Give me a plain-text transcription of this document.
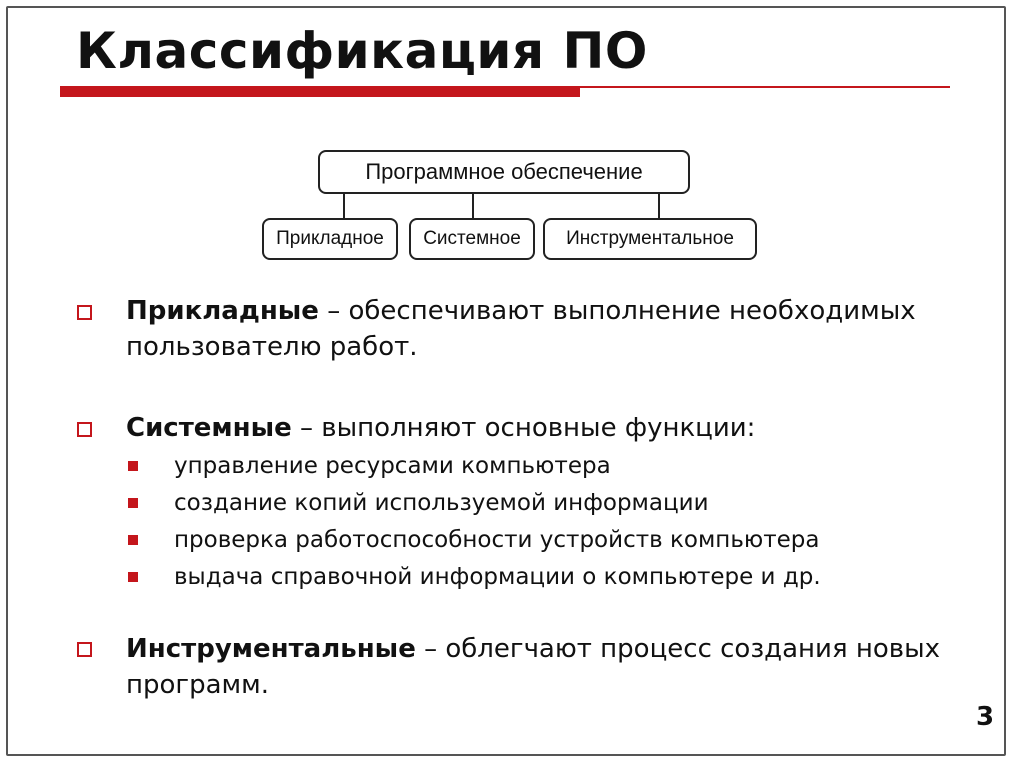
Классификация ПО
Программное обеспечение
Прикладное	Системное	Инструментальное
Прикладные – обеспечивают выполнение необходимых пользователю работ.
Системные – выполняют основные функции:
управление ресурсами компьютера
создание копий используемой информации
проверка работоспособности устройств компьютера
выдача справочной информации о компьютере и др.
Инструментальные – облегчают процесс создания новых программ.
3
